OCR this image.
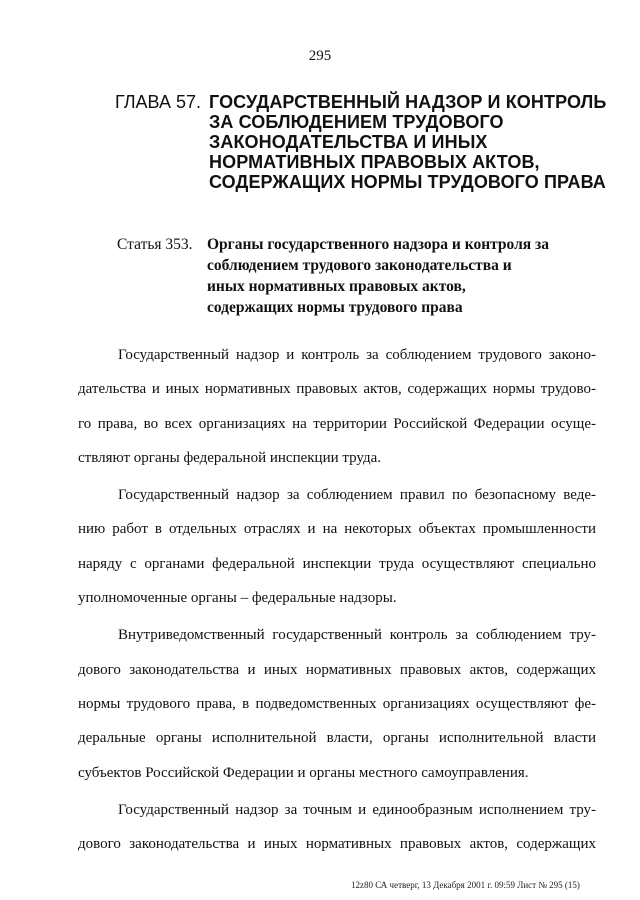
295
ГЛАВА 57. ГОСУДАРСТВЕННЫЙ НАДЗОР И КОНТРОЛЬ
ЗА СОБЛЮДЕНИЕМ ТРУДОВОГО
ЗАКОНОДАТЕЛЬСТВА И ИНЫХ
НОРМАТИВНЫХ ПРАВОВЫХ АКТОВ,
СОДЕРЖАЩИХ НОРМЫ ТРУДОВОГО ПРАВА
Статья 353. Органы государственного надзора и контроля за
соблюдением трудового законодательства и
иных нормативных правовых актов,
содержащих нормы трудового права
Государственный надзор и контроль за соблюдением трудового законо-
дательства и иных нормативных правовых актов, содержащих нормы трудово-
го права, во всех организациях на территории Российской Федерации осуще-
ствляют органы федеральной инспекции труда.
Государственный надзор за соблюдением правил по безопасному веде-
нию работ в отдельных отраслях и на некоторых объектах промышленности
наряду с органами федеральной инспекции труда осуществляют специально
уполномоченные органы – федеральные надзоры.
Внутриведомственный государственный контроль за соблюдением тру-
дового законодательства и иных нормативных правовых актов, содержащих
нормы трудового права, в подведомственных организациях осуществляют фе-
деральные органы исполнительной власти, органы исполнительной власти
субъектов Российской Федерации и органы местного самоуправления.
Государственный надзор за точным и единообразным исполнением тру-
дового законодательства и иных нормативных правовых актов, содержащих
12z80 СА четверг, 13 Декабря 2001 г. 09:59 Лист № 295 (15)
